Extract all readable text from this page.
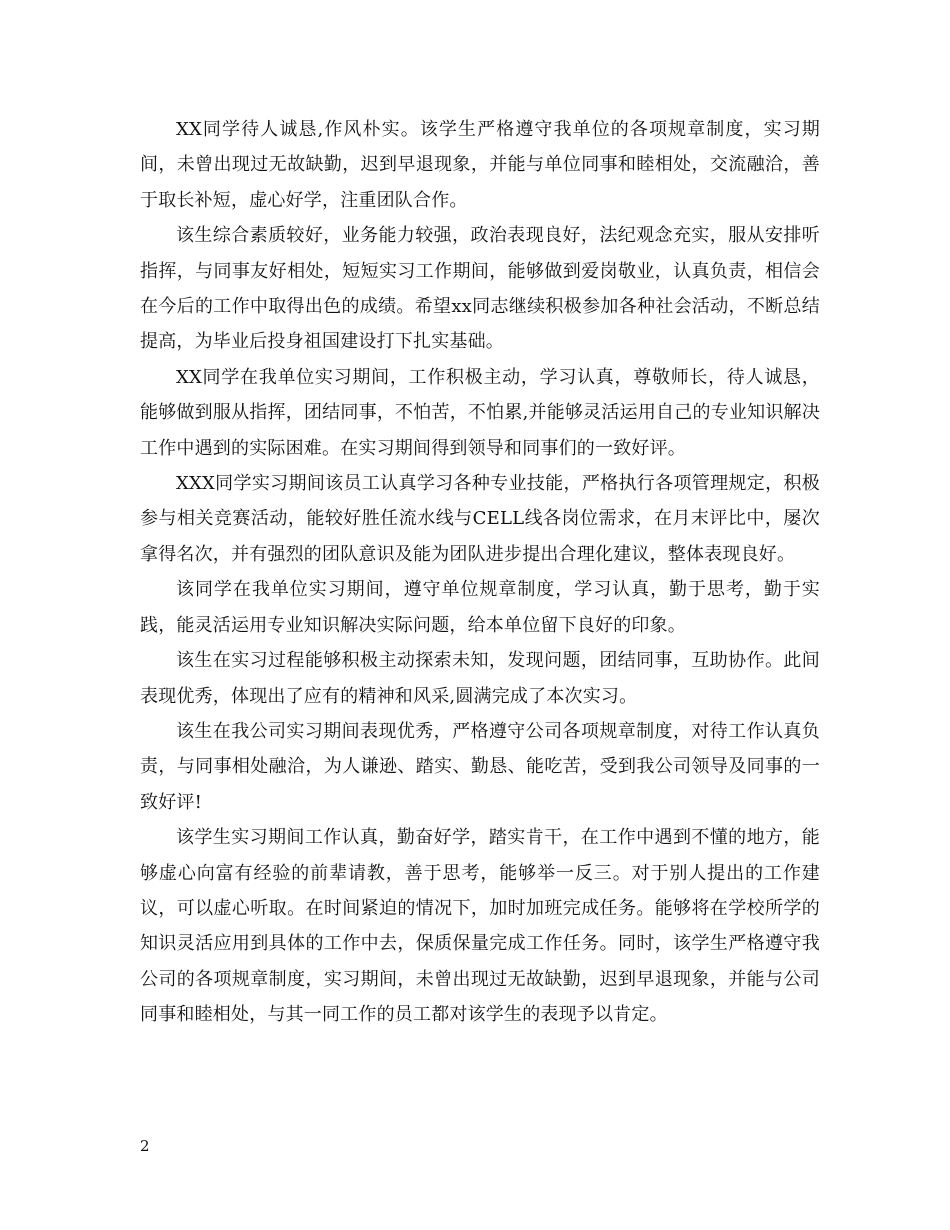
XX同学待人诚恳,作风朴实。该学生严格遵守我单位的各项规章制度，实习期间，未曾出现过无故缺勤，迟到早退现象，并能与单位同事和睦相处，交流融洽，善于取长补短，虚心好学，注重团队合作。

该生综合素质较好，业务能力较强，政治表现良好，法纪观念充实，服从安排听指挥，与同事友好相处，短短实习工作期间，能够做到爱岗敬业，认真负责，相信会在今后的工作中取得出色的成绩。希望xx同志继续积极参加各种社会活动，不断总结提高，为毕业后投身祖国建设打下扎实基础。

XX同学在我单位实习期间，工作积极主动，学习认真，尊敬师长，待人诚恳，能够做到服从指挥，团结同事，不怕苦，不怕累,并能够灵活运用自己的专业知识解决工作中遇到的实际困难。在实习期间得到领导和同事们的一致好评。

XXX同学实习期间该员工认真学习各种专业技能，严格执行各项管理规定，积极参与相关竞赛活动，能较好胜任流水线与CELL线各岗位需求，在月末评比中，屡次拿得名次，并有强烈的团队意识及能为团队进步提出合理化建议，整体表现良好。

该同学在我单位实习期间，遵守单位规章制度，学习认真，勤于思考，勤于实践，能灵活运用专业知识解决实际问题，给本单位留下良好的印象。

该生在实习过程能够积极主动探索未知，发现问题，团结同事，互助协作。此间表现优秀，体现出了应有的精神和风采,圆满完成了本次实习。

该生在我公司实习期间表现优秀，严格遵守公司各项规章制度，对待工作认真负责，与同事相处融洽，为人谦逊、踏实、勤恳、能吃苦，受到我公司领导及同事的一致好评!

该学生实习期间工作认真，勤奋好学，踏实肯干，在工作中遇到不懂的地方，能够虚心向富有经验的前辈请教，善于思考，能够举一反三。对于别人提出的工作建议，可以虚心听取。在时间紧迫的情况下，加时加班完成任务。能够将在学校所学的知识灵活应用到具体的工作中去，保质保量完成工作任务。同时，该学生严格遵守我公司的各项规章制度，实习期间，未曾出现过无故缺勤，迟到早退现象，并能与公司同事和睦相处，与其一同工作的员工都对该学生的表现予以肯定。

2
